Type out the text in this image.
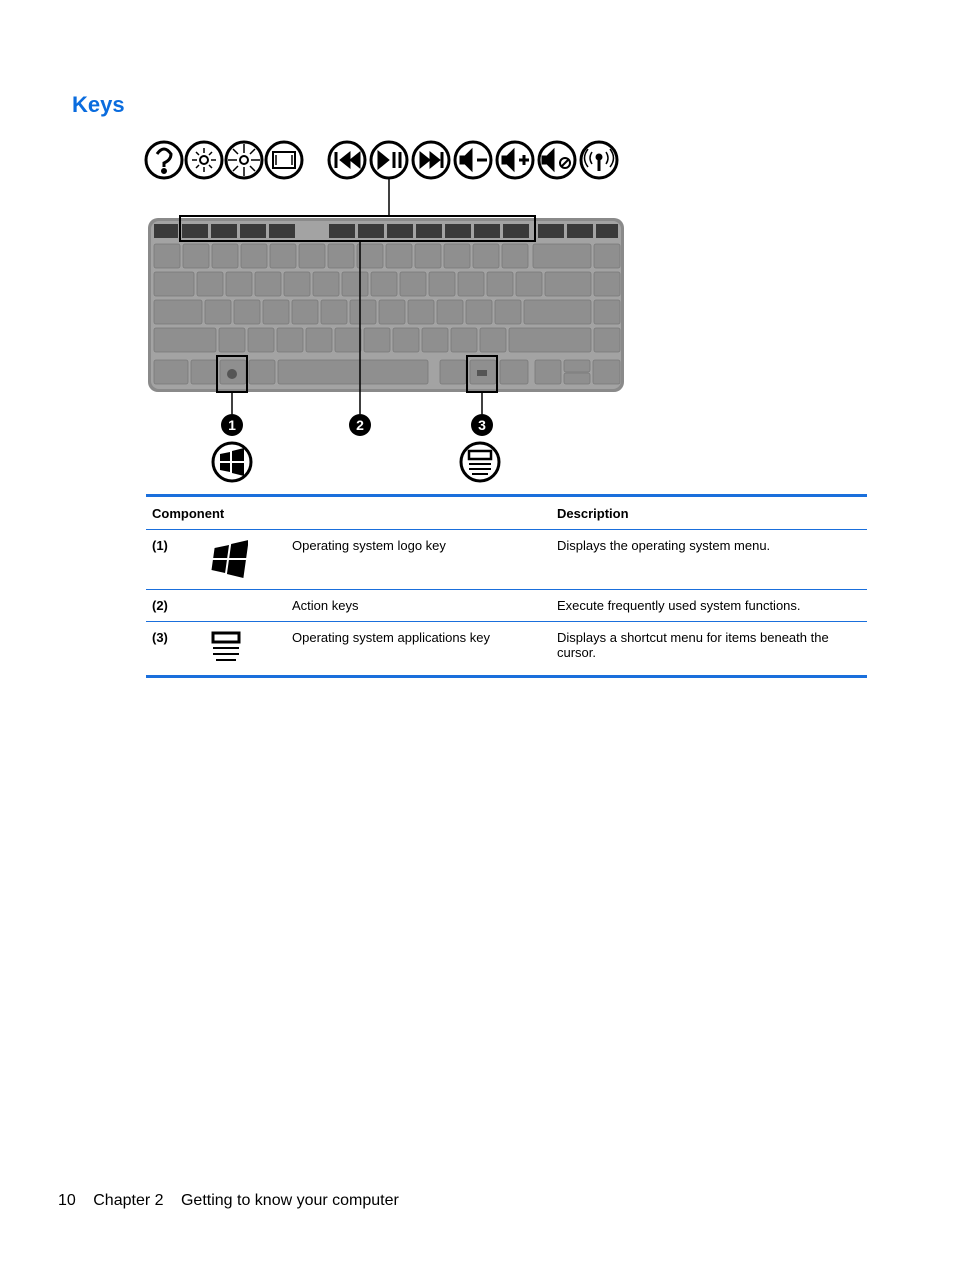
Keys
1	2	3
Component			Description
(1)		Operating system logo key	Displays the operating system menu.
(2)		Action keys	Execute frequently used system functions.
(3)		Operating system applications key	Displays a shortcut menu for items beneath the cursor.
10 Chapter 2 Getting to know your computer
